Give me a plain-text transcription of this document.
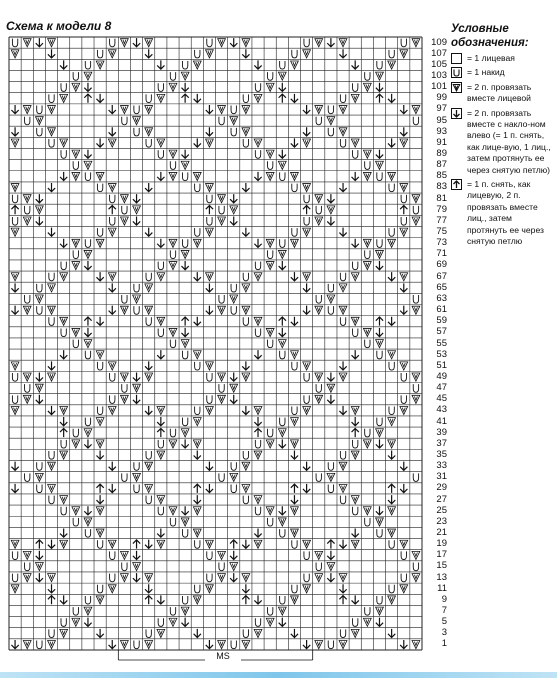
Схема к модели 8
109
107
105
103
101
99
97
95
93
91
89
87
85
83
81
79
77
75
73
71
69
67
65
63
61
59
57
55
53
51
49
47
45
43
41
39
37
35
33
31
29
27
25
23
21
19
17
15
13
11
9
7
5
3
1
MS
Условные обозначения:
= 1 лицевая
= 1 накид
= 2 п. провязать вместе лицевой
= 2 п. провязать вместе с накло-ном влево (= 1 п. снять, как лице-вую, 1 лиц., затем протянуть ее через снятую петлю)
= 1 п. снять, как лицевую, 2 п. провязать вместе лиц., затем протянуть ее через снятую петлю
